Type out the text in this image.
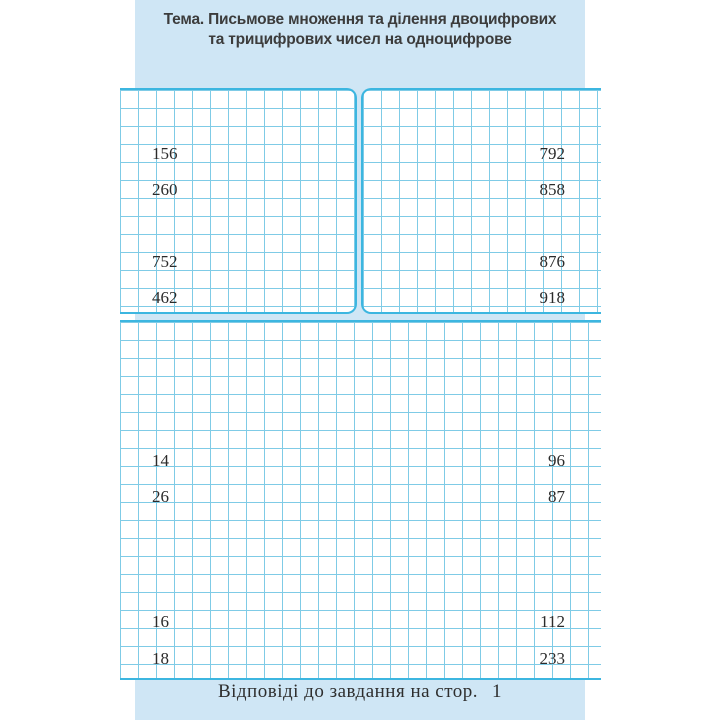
Тема. Письмове множення та ділення двоцифрових
та трицифрових чисел на одноцифрове
Відповіді до завдання на стор. 1
156
260
752
462
792
858
876
918
14
26
16
18
96
87
112
233
